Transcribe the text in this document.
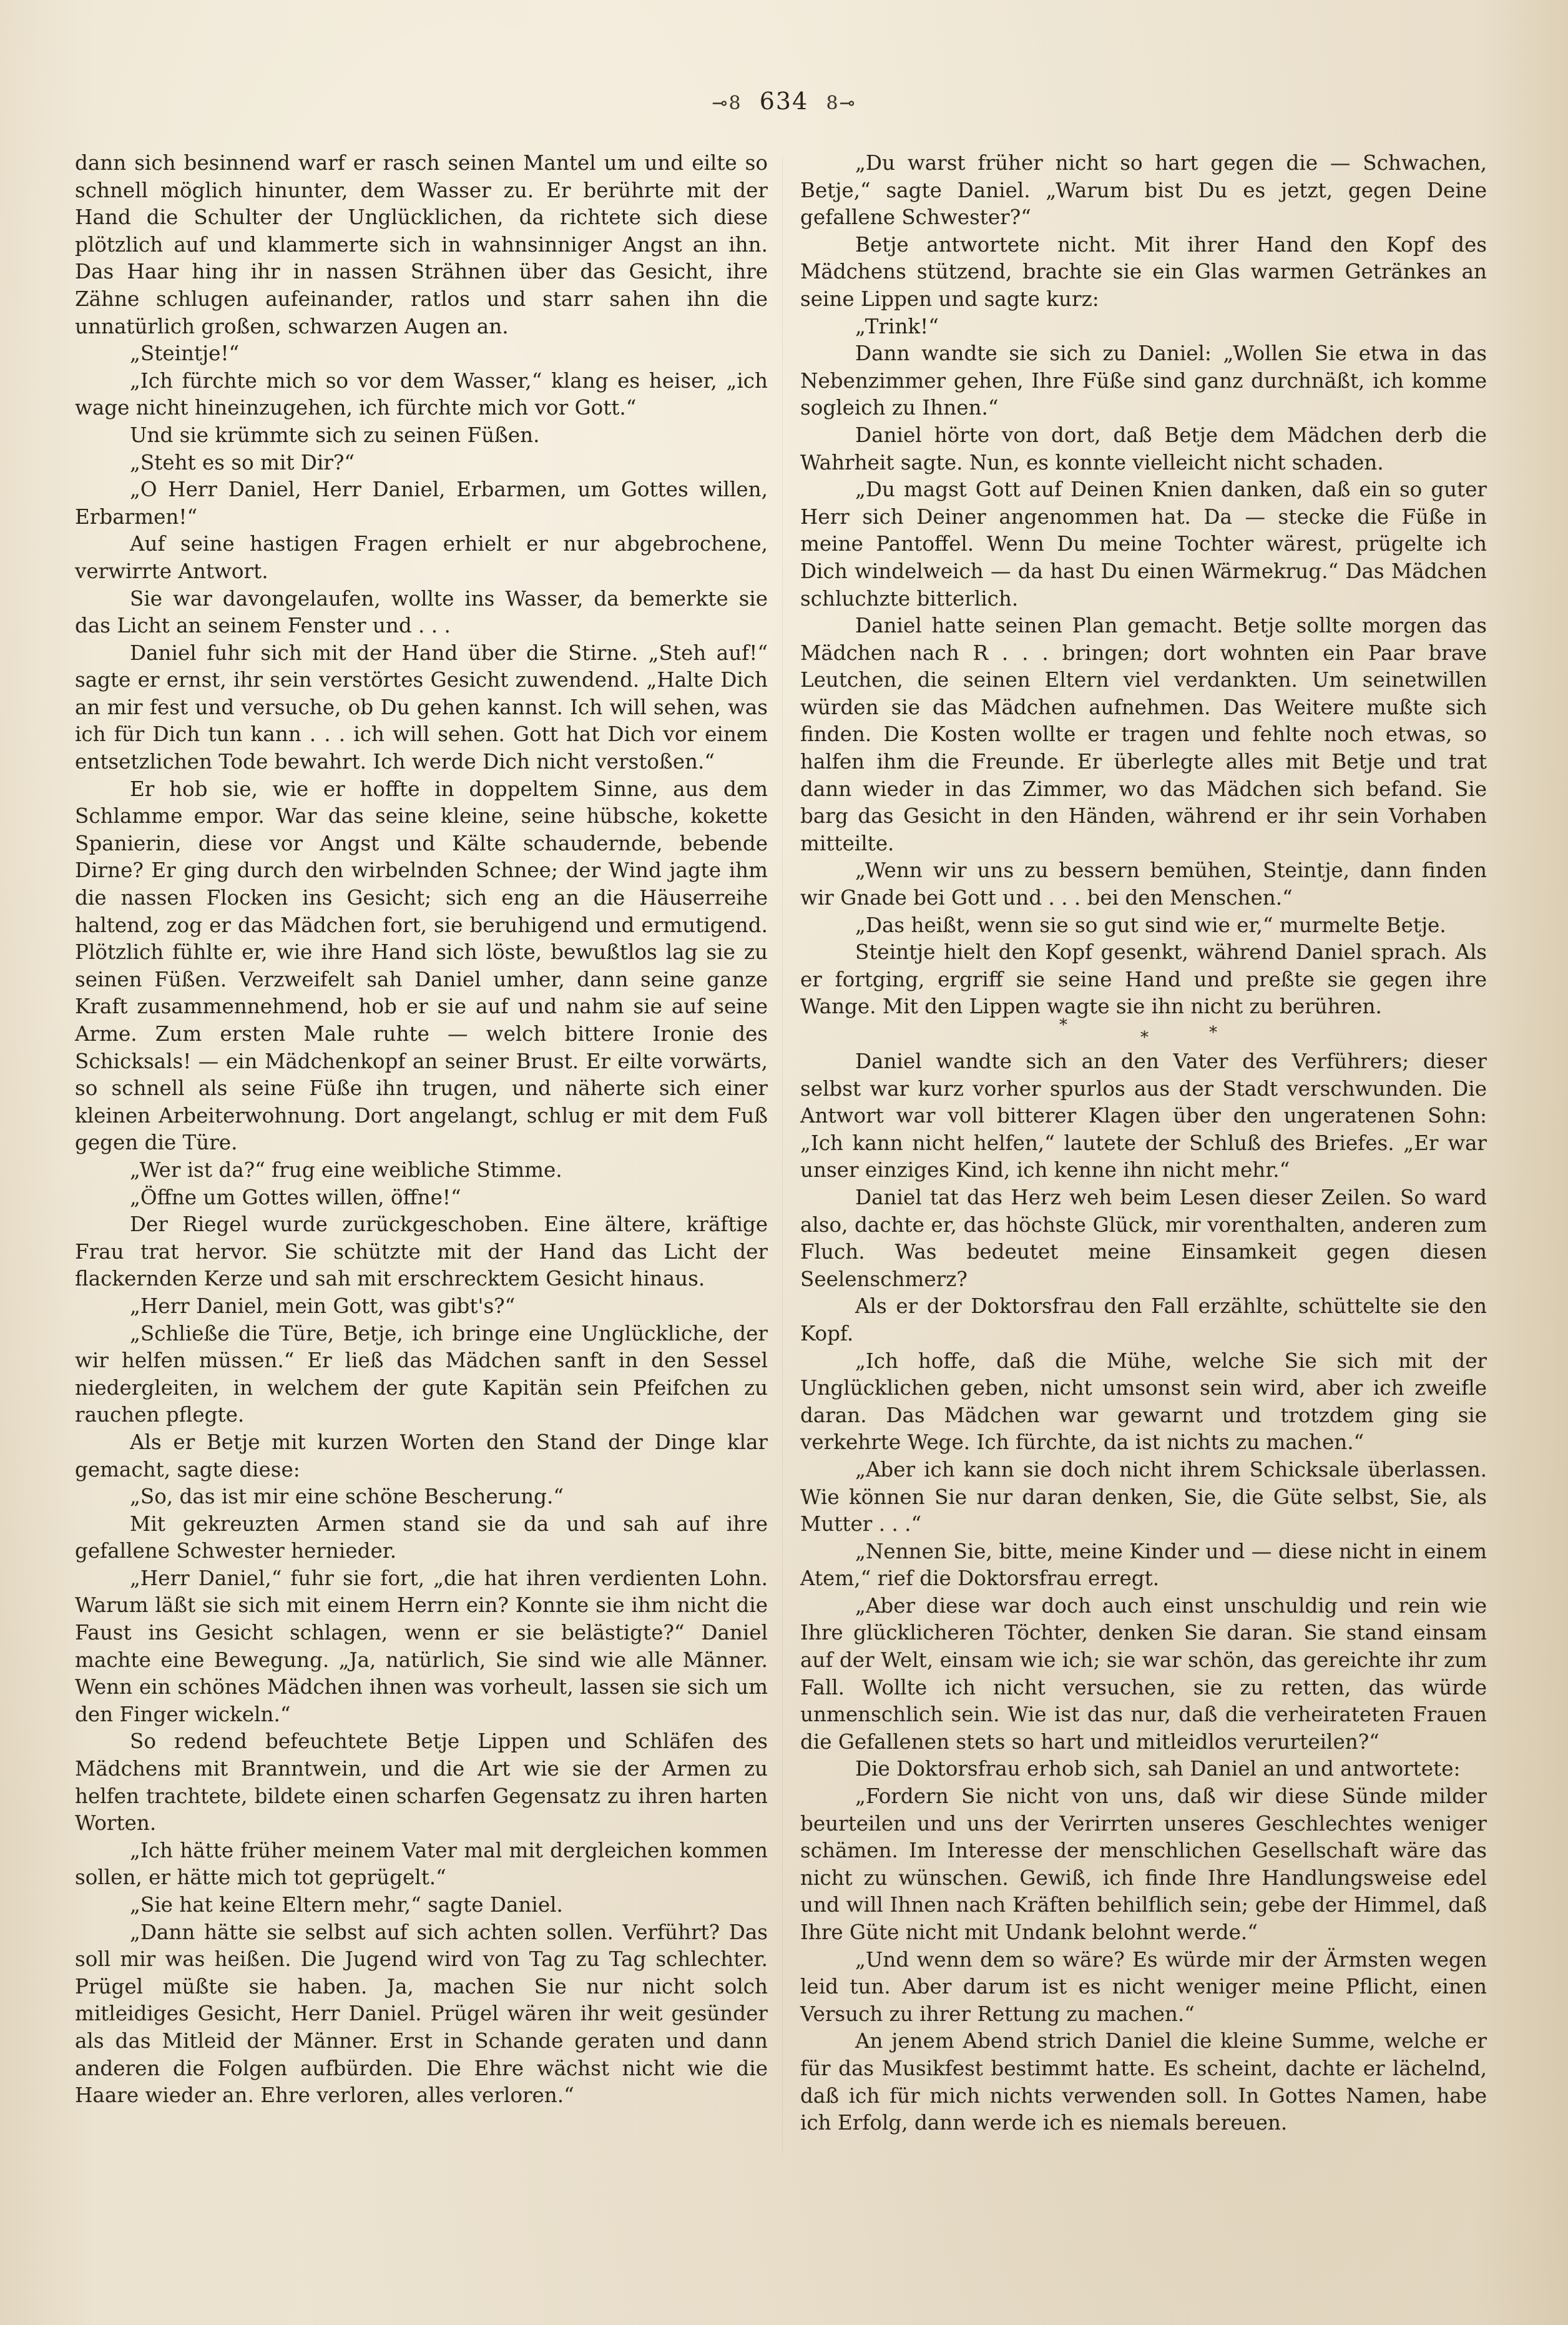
⊸8 634 8⊸

dann sich besinnend warf er rasch seinen Mantel um und eilte so schnell möglich hinunter, dem Wasser zu. Er berührte mit der Hand die Schulter der Unglücklichen, da richtete sich diese plötzlich auf und klammerte sich in wahnsinniger Angst an ihn. Das Haar hing ihr in nassen Strähnen über das Gesicht, ihre Zähne schlugen aufeinander, ratlos und starr sahen ihn die unnatürlich großen, schwarzen Augen an.

„Steintje!“

„Ich fürchte mich so vor dem Wasser,“ klang es heiser, „ich wage nicht hineinzugehen, ich fürchte mich vor Gott.“

Und sie krümmte sich zu seinen Füßen.

„Steht es so mit Dir?“

„O Herr Daniel, Herr Daniel, Erbarmen, um Gottes willen, Erbarmen!“

Auf seine hastigen Fragen erhielt er nur abgebrochene, verwirrte Antwort.

Sie war davongelaufen, wollte ins Wasser, da bemerkte sie das Licht an seinem Fenster und . . .

Daniel fuhr sich mit der Hand über die Stirne. „Steh auf!“ sagte er ernst, ihr sein verstörtes Gesicht zuwendend. „Halte Dich an mir fest und versuche, ob Du gehen kannst. Ich will sehen, was ich für Dich tun kann . . . ich will sehen. Gott hat Dich vor einem entsetzlichen Tode bewahrt. Ich werde Dich nicht verstoßen.“

Er hob sie, wie er hoffte in doppeltem Sinne, aus dem Schlamme empor. War das seine kleine, seine hübsche, kokette Spanierin, diese vor Angst und Kälte schaudernde, bebende Dirne? Er ging durch den wirbelnden Schnee; der Wind jagte ihm die nassen Flocken ins Gesicht; sich eng an die Häuserreihe haltend, zog er das Mädchen fort, sie beruhigend und ermutigend. Plötzlich fühlte er, wie ihre Hand sich löste, bewußtlos lag sie zu seinen Füßen. Verzweifelt sah Daniel umher, dann seine ganze Kraft zusammennehmend, hob er sie auf und nahm sie auf seine Arme. Zum ersten Male ruhte — welch bittere Ironie des Schicksals! — ein Mädchenkopf an seiner Brust. Er eilte vorwärts, so schnell als seine Füße ihn trugen, und näherte sich einer kleinen Arbeiterwohnung. Dort angelangt, schlug er mit dem Fuß gegen die Türe.

„Wer ist da?“ frug eine weibliche Stimme.

„Öffne um Gottes willen, öffne!“

Der Riegel wurde zurückgeschoben. Eine ältere, kräftige Frau trat hervor. Sie schützte mit der Hand das Licht der flackernden Kerze und sah mit erschrecktem Gesicht hinaus.

„Herr Daniel, mein Gott, was gibt's?“

„Schließe die Türe, Betje, ich bringe eine Unglückliche, der wir helfen müssen.“ Er ließ das Mädchen sanft in den Sessel niedergleiten, in welchem der gute Kapitän sein Pfeifchen zu rauchen pflegte.

Als er Betje mit kurzen Worten den Stand der Dinge klar gemacht, sagte diese:

„So, das ist mir eine schöne Bescherung.“

Mit gekreuzten Armen stand sie da und sah auf ihre gefallene Schwester hernieder.

„Herr Daniel,“ fuhr sie fort, „die hat ihren verdienten Lohn. Warum läßt sie sich mit einem Herrn ein? Konnte sie ihm nicht die Faust ins Gesicht schlagen, wenn er sie belästigte?“ Daniel machte eine Bewegung. „Ja, natürlich, Sie sind wie alle Männer. Wenn ein schönes Mädchen ihnen was vorheult, lassen sie sich um den Finger wickeln.“

So redend befeuchtete Betje Lippen und Schläfen des Mädchens mit Branntwein, und die Art wie sie der Armen zu helfen trachtete, bildete einen scharfen Gegensatz zu ihren harten Worten.

„Ich hätte früher meinem Vater mal mit dergleichen kommen sollen, er hätte mich tot geprügelt.“

„Sie hat keine Eltern mehr,“ sagte Daniel.

„Dann hätte sie selbst auf sich achten sollen. Verführt? Das soll mir was heißen. Die Jugend wird von Tag zu Tag schlechter. Prügel müßte sie haben. Ja, machen Sie nur nicht solch mitleidiges Gesicht, Herr Daniel. Prügel wären ihr weit gesünder als das Mitleid der Männer. Erst in Schande geraten und dann anderen die Folgen aufbürden. Die Ehre wächst nicht wie die Haare wieder an. Ehre verloren, alles verloren.“

„Du warst früher nicht so hart gegen die — Schwachen, Betje,“ sagte Daniel. „Warum bist Du es jetzt, gegen Deine gefallene Schwester?“

Betje antwortete nicht. Mit ihrer Hand den Kopf des Mädchens stützend, brachte sie ein Glas warmen Getränkes an seine Lippen und sagte kurz:

„Trink!“

Dann wandte sie sich zu Daniel: „Wollen Sie etwa in das Nebenzimmer gehen, Ihre Füße sind ganz durchnäßt, ich komme sogleich zu Ihnen.“

Daniel hörte von dort, daß Betje dem Mädchen derb die Wahrheit sagte. Nun, es konnte vielleicht nicht schaden.

„Du magst Gott auf Deinen Knien danken, daß ein so guter Herr sich Deiner angenommen hat. Da — stecke die Füße in meine Pantoffel. Wenn Du meine Tochter wärest, prügelte ich Dich windelweich — da hast Du einen Wärmekrug.“ Das Mädchen schluchzte bitterlich.

Daniel hatte seinen Plan gemacht. Betje sollte morgen das Mädchen nach R . . . bringen; dort wohnten ein Paar brave Leutchen, die seinen Eltern viel verdankten. Um seinetwillen würden sie das Mädchen aufnehmen. Das Weitere mußte sich finden. Die Kosten wollte er tragen und fehlte noch etwas, so halfen ihm die Freunde. Er überlegte alles mit Betje und trat dann wieder in das Zimmer, wo das Mädchen sich befand. Sie barg das Gesicht in den Händen, während er ihr sein Vorhaben mitteilte.

„Wenn wir uns zu bessern bemühen, Steintje, dann finden wir Gnade bei Gott und . . . bei den Menschen.“

„Das heißt, wenn sie so gut sind wie er,“ murmelte Betje.

Steintje hielt den Kopf gesenkt, während Daniel sprach. Als er fortging, ergriff sie seine Hand und preßte sie gegen ihre Wange. Mit den Lippen wagte sie ihn nicht zu berühren.

*
*	*

Daniel wandte sich an den Vater des Verführers; dieser selbst war kurz vorher spurlos aus der Stadt verschwunden. Die Antwort war voll bitterer Klagen über den ungeratenen Sohn: „Ich kann nicht helfen,“ lautete der Schluß des Briefes. „Er war unser einziges Kind, ich kenne ihn nicht mehr.“

Daniel tat das Herz weh beim Lesen dieser Zeilen. So ward also, dachte er, das höchste Glück, mir vorenthalten, anderen zum Fluch. Was bedeutet meine Einsamkeit gegen diesen Seelenschmerz?

Als er der Doktorsfrau den Fall erzählte, schüttelte sie den Kopf.

„Ich hoffe, daß die Mühe, welche Sie sich mit der Unglücklichen geben, nicht umsonst sein wird, aber ich zweifle daran. Das Mädchen war gewarnt und trotzdem ging sie verkehrte Wege. Ich fürchte, da ist nichts zu machen.“

„Aber ich kann sie doch nicht ihrem Schicksale überlassen. Wie können Sie nur daran denken, Sie, die Güte selbst, Sie, als Mutter . . .“

„Nennen Sie, bitte, meine Kinder und — diese nicht in einem Atem,“ rief die Doktorsfrau erregt.

„Aber diese war doch auch einst unschuldig und rein wie Ihre glücklicheren Töchter, denken Sie daran. Sie stand einsam auf der Welt, einsam wie ich; sie war schön, das gereichte ihr zum Fall. Wollte ich nicht versuchen, sie zu retten, das würde unmenschlich sein. Wie ist das nur, daß die verheirateten Frauen die Gefallenen stets so hart und mitleidlos verurteilen?“

Die Doktorsfrau erhob sich, sah Daniel an und antwortete:

„Fordern Sie nicht von uns, daß wir diese Sünde milder beurteilen und uns der Verirrten unseres Geschlechtes weniger schämen. Im Interesse der menschlichen Gesellschaft wäre das nicht zu wünschen. Gewiß, ich finde Ihre Handlungsweise edel und will Ihnen nach Kräften behilflich sein; gebe der Himmel, daß Ihre Güte nicht mit Undank belohnt werde.“

„Und wenn dem so wäre? Es würde mir der Ärmsten wegen leid tun. Aber darum ist es nicht weniger meine Pflicht, einen Versuch zu ihrer Rettung zu machen.“

An jenem Abend strich Daniel die kleine Summe, welche er für das Musikfest bestimmt hatte. Es scheint, dachte er lächelnd, daß ich für mich nichts verwenden soll. In Gottes Namen, habe ich Erfolg, dann werde ich es niemals bereuen.
